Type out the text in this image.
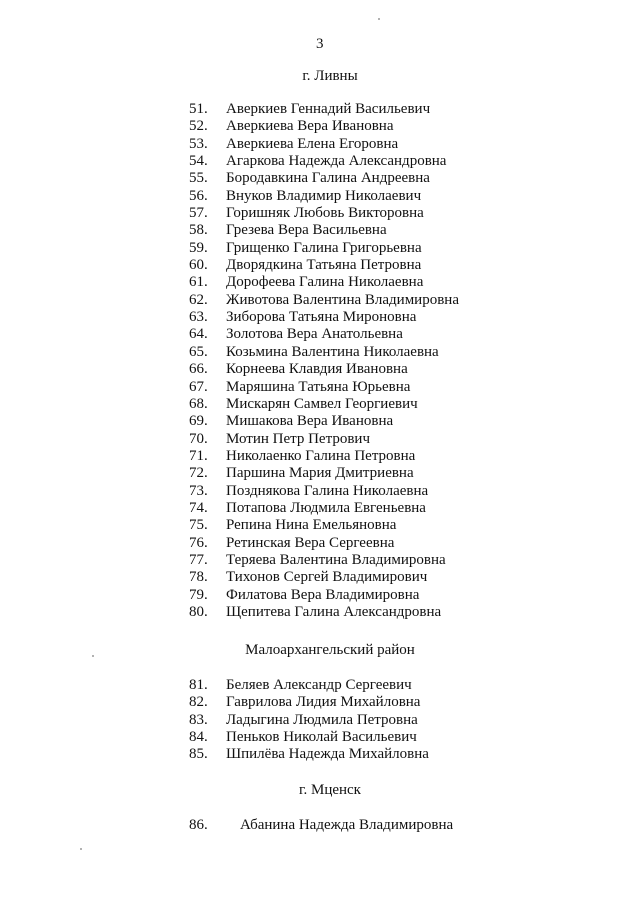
3
г. Ливны
51. Аверкиев Геннадий Васильевич
52. Аверкиева Вера Ивановна
53. Аверкиева Елена Егоровна
54. Агаркова Надежда Александровна
55. Бородавкина Галина Андреевна
56. Внуков Владимир Николаевич
57. Горишняк Любовь Викторовна
58. Грезева Вера Васильевна
59. Грищенко Галина Григорьевна
60. Дворядкина Татьяна Петровна
61. Дорофеева Галина Николаевна
62. Животова Валентина Владимировна
63. Зиборова Татьяна Мироновна
64. Золотова Вера Анатольевна
65. Козьмина Валентина Николаевна
66. Корнеева Клавдия Ивановна
67. Маряшина Татьяна Юрьевна
68. Мискарян Самвел Георгиевич
69. Мишакова Вера Ивановна
70. Мотин Петр Петрович
71. Николаенко Галина Петровна
72. Паршина Мария Дмитриевна
73. Позднякова Галина Николаевна
74. Потапова Людмила Евгеньевна
75. Репина Нина Емельяновна
76. Ретинская Вера Сергеевна
77. Теряева Валентина Владимировна
78. Тихонов Сергей Владимирович
79. Филатова Вера Владимировна
80. Щепитева Галина Александровна
Малоархангельский район
81. Беляев Александр Сергеевич
82. Гаврилова Лидия Михайловна
83. Ладыгина Людмила Петровна
84. Пеньков Николай Васильевич
85. Шпилёва Надежда Михайловна
г. Мценск
86. Абанина Надежда Владимировна
